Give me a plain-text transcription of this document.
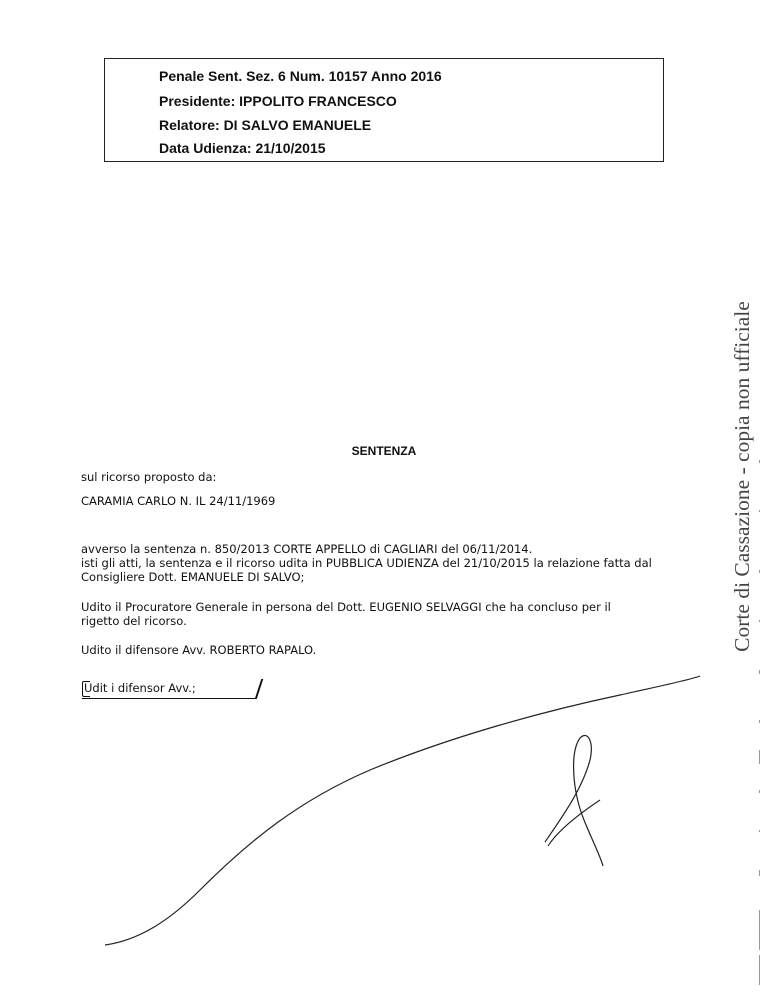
Penale Sent. Sez. 6 Num. 10157 Anno 2016
Presidente: IPPOLITO FRANCESCO
Relatore: DI SALVO EMANUELE
Data Udienza: 21/10/2015
SENTENZA
sul ricorso proposto da:
CARAMIA CARLO N. IL 24/11/1969
avverso la sentenza n. 850/2013 CORTE APPELLO di CAGLIARI del 06/11/2014.
isti gli atti, la sentenza e il ricorso udita in PUBBLICA UDIENZA del 21/10/2015 la relazione fatta dal
Consigliere Dott. EMANUELE DI SALVO;
Udito il Procuratore Generale in persona del Dott. EUGENIO SELVAGGI che ha concluso per il
rigetto del ricorso.
Udito il difensore Avv. ROBERTO RAPALO.
Udit i difensor Avv.;
Corte di Cassazione - copia non ufficiale
